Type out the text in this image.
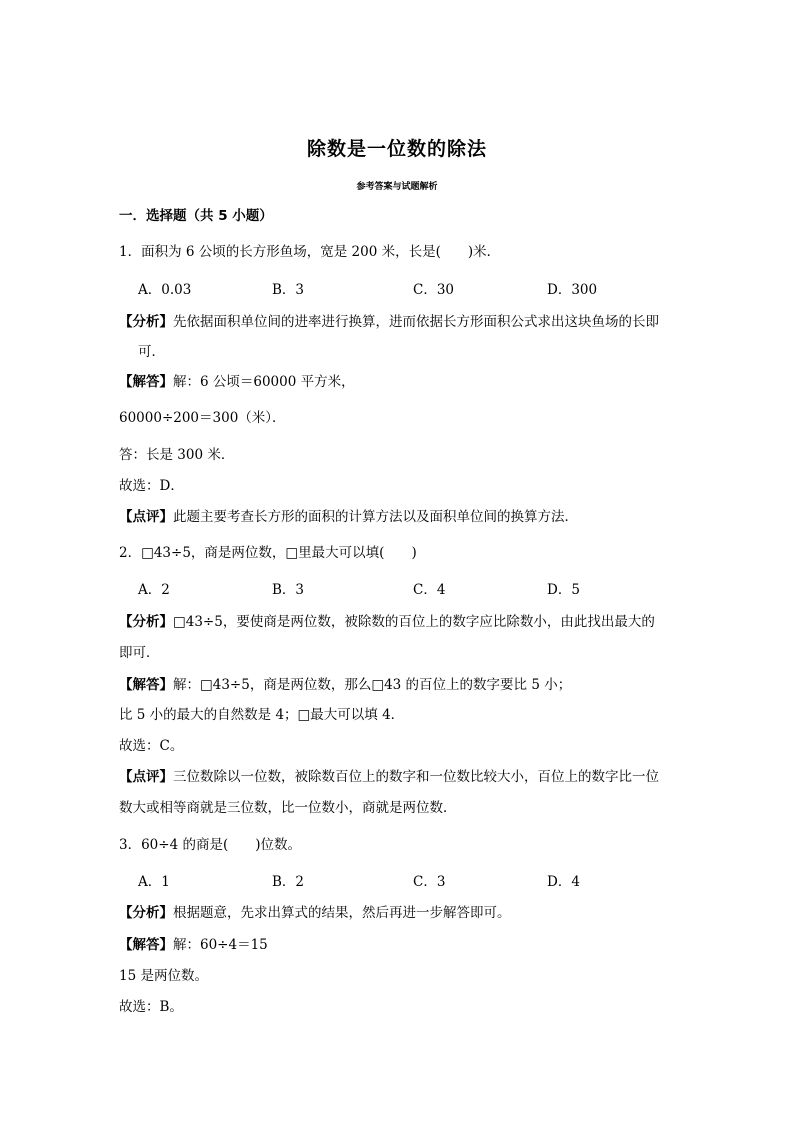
除数是一位数的除法
参考答案与试题解析
一．选择题（共 5 小题）
1．面积为 6 公顷的长方形鱼场，宽是 200 米，长是(　　)米．
A．0.03	B．3	C．30	D．300
【分析】先依据面积单位间的进率进行换算，进而依据长方形面积公式求出这块鱼场的长即
可．
【解答】解：6 公顷＝60000 平方米，
60000÷200＝300（米）．
答：长是 300 米．
故选：D．
【点评】此题主要考查长方形的面积的计算方法以及面积单位间的换算方法．
2．□43÷5，商是两位数，□里最大可以填(　　)
A．2	B．3	C．4	D．5
【分析】□43÷5，要使商是两位数，被除数的百位上的数字应比除数小，由此找出最大的
即可．
【解答】解：□43÷5，商是两位数，那么□43 的百位上的数字要比 5 小；
比 5 小的最大的自然数是 4；□最大可以填 4．
故选：C。
【点评】三位数除以一位数，被除数百位上的数字和一位数比较大小，百位上的数字比一位
数大或相等商就是三位数，比一位数小，商就是两位数．
3．60÷4 的商是(　　)位数。
A．1	B．2	C．3	D．4
【分析】根据题意，先求出算式的结果，然后再进一步解答即可。
【解答】解：60÷4＝15
15 是两位数。
故选：B。
